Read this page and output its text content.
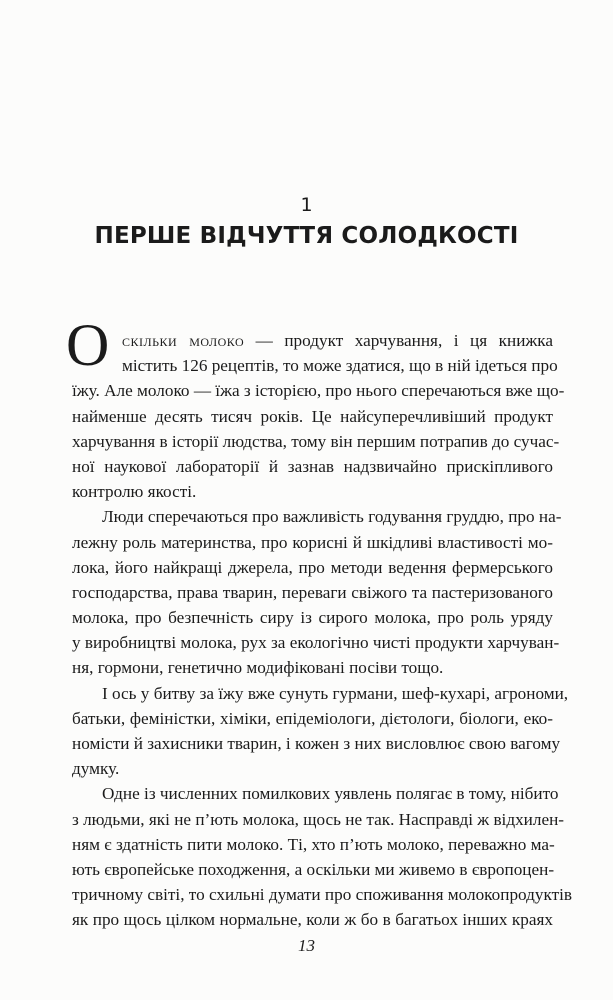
1
ПЕРШЕ ВІДЧУТТЯ СОЛОДКОСТІ
О скільки молоко — продукт харчування, і ця книжка
містить 126 рецептів, то може здатися, що в ній ідеться про
їжу. Але молоко — їжа з історією, про нього сперечаються вже що-
найменше десять тисяч років. Це найсуперечливіший продукт
харчування в історії людства, тому він першим потрапив до сучас-
ної наукової лабораторії й зазнав надзвичайно прискіпливого
контролю якості.
Люди сперечаються про важливість годування груддю, про на-
лежну роль материнства, про корисні й шкідливі властивості мо-
лока, його найкращі джерела, про методи ведення фермерського
господарства, права тварин, переваги свіжого та пастеризованого
молока, про безпечність сиру із сирого молока, про роль уряду
у виробництві молока, рух за екологічно чисті продукти харчуван-
ня, гормони, генетично модифіковані посіви тощо.
І ось у битву за їжу вже сунуть гурмани, шеф-кухарі, агрономи,
батьки, феміністки, хіміки, епідеміологи, дієтологи, біологи, еко-
номісти й захисники тварин, і кожен з них висловлює свою вагому
думку.
Одне із численних помилкових уявлень полягає в тому, нібито
з людьми, які не п’ють молока, щось не так. Насправді ж відхилен-
ням є здатність пити молоко. Ті, хто п’ють молоко, переважно ма-
ють європейське походження, а оскільки ми живемо в європоцен-
тричному світі, то схильні думати про споживання молокопродуктів
як про щось цілком нормальне, коли ж бо в багатьох інших краях
13
